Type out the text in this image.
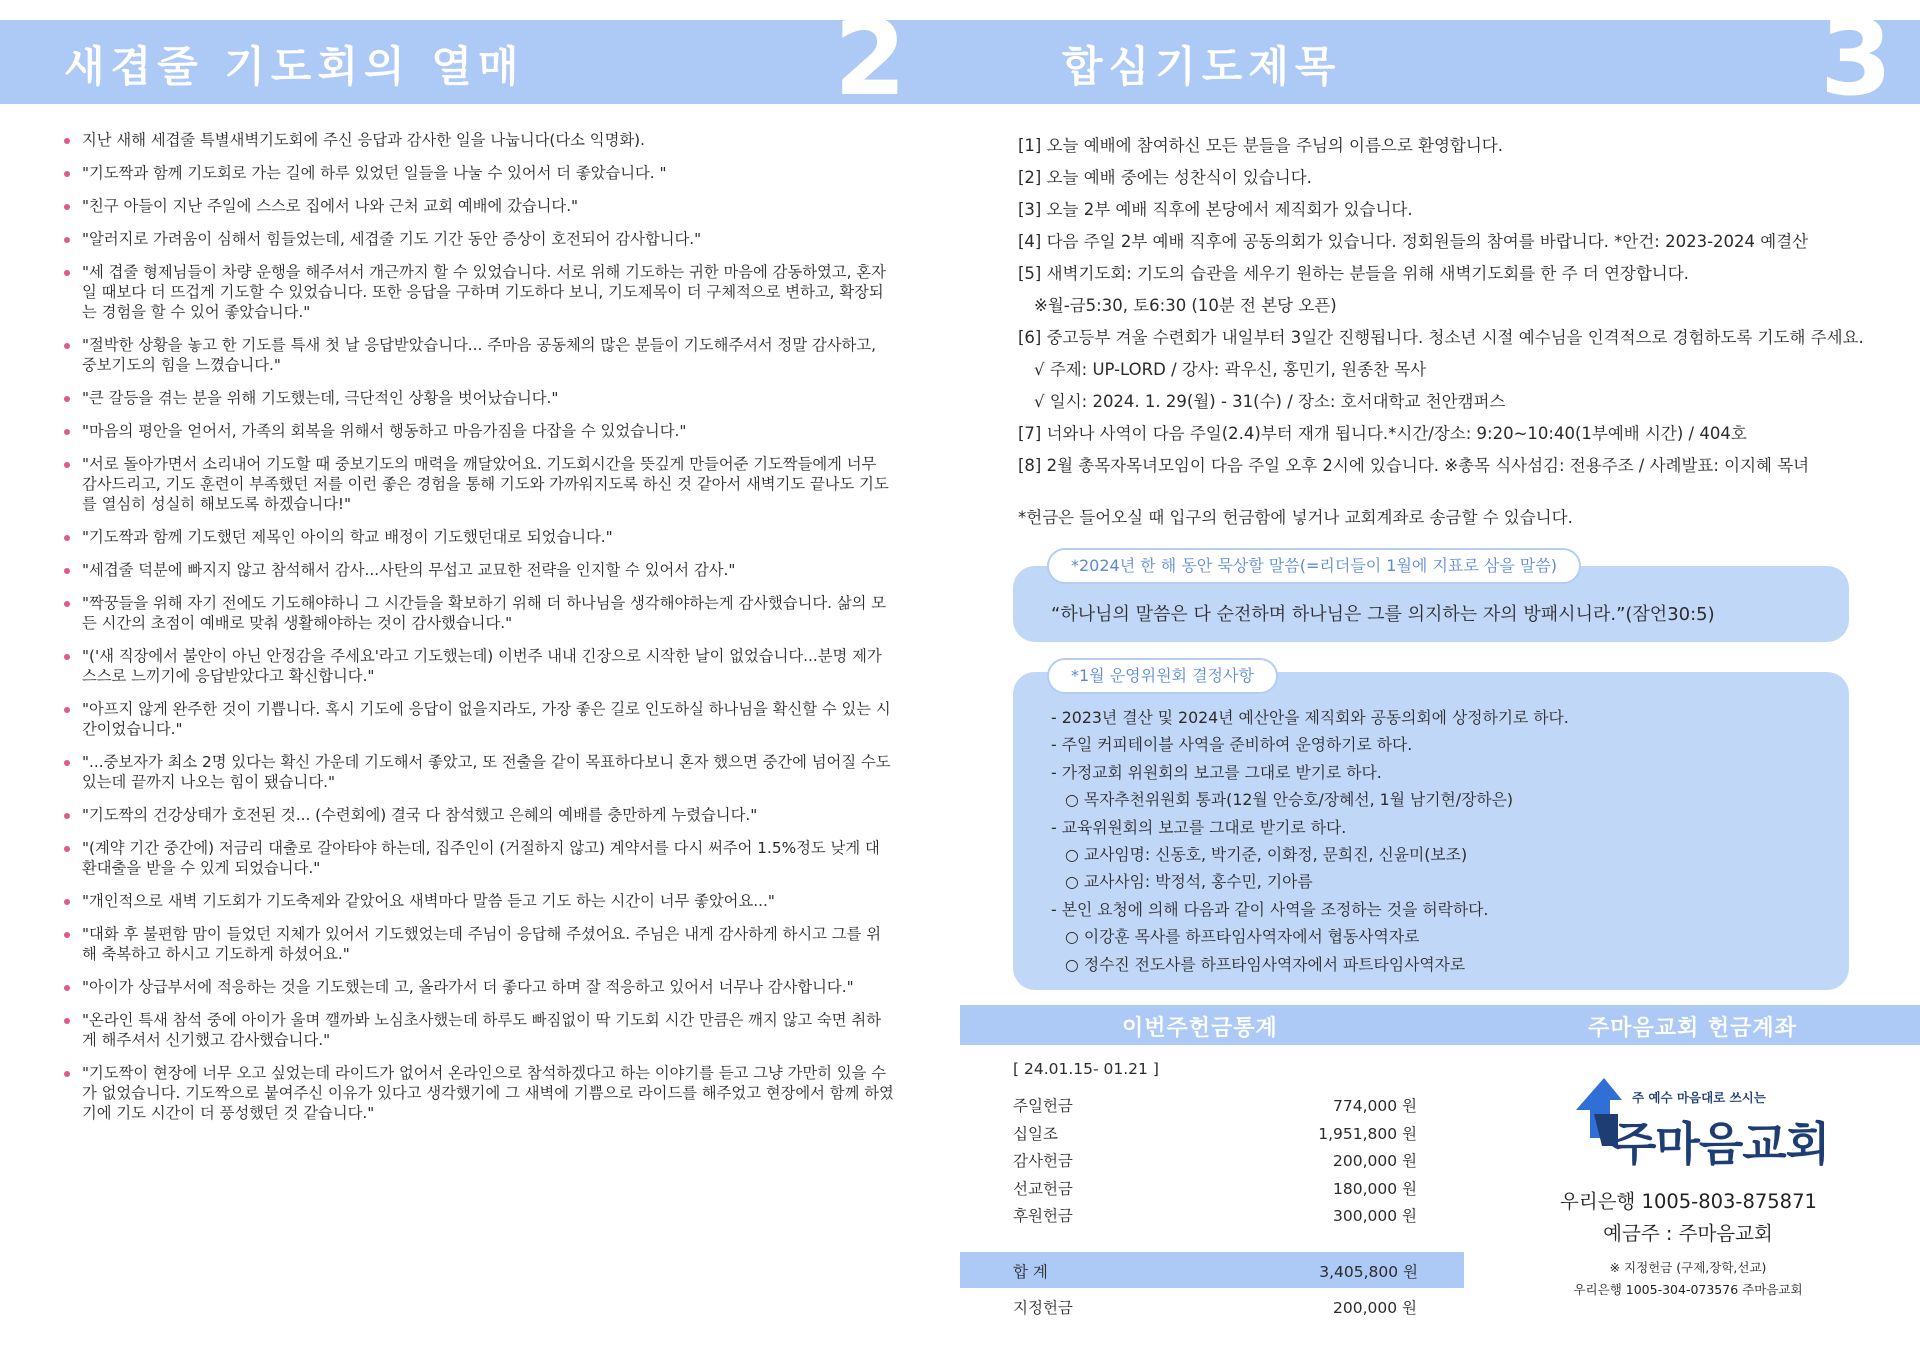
새겹줄 기도회의 열매	2	합심기도제목	3
지난 새해 세겹줄 특별새벽기도회에 주신 응답과 감사한 일을 나눕니다(다소 익명화).
"기도짝과 함께 기도회로 가는 길에 하루 있었던 일들을 나눌 수 있어서 더 좋았습니다. "
"친구 아들이 지난 주일에 스스로 집에서 나와 근처 교회 예배에 갔습니다."
"알러지로 가려움이 심해서 힘들었는데, 세겹줄 기도 기간 동안 증상이 호전되어 감사합니다."
"세 겹줄 형제님들이 차량 운행을 해주셔서 개근까지 할 수 있었습니다. 서로 위해 기도하는 귀한 마음에 감동하였고, 혼자일 때보다 더 뜨겁게 기도할 수 있었습니다. 또한 응답을 구하며 기도하다 보니, 기도제목이 더 구체적으로 변하고, 확장되는 경험을 할 수 있어 좋았습니다."
"절박한 상황을 놓고 한 기도를 특새 첫 날 응답받았습니다... 주마음 공동체의 많은 분들이 기도해주셔서 정말 감사하고, 중보기도의 힘을 느꼈습니다."
"큰 갈등을 겪는 분을 위해 기도했는데, 극단적인 상황을 벗어났습니다."
"마음의 평안을 얻어서, 가족의 회복을 위해서 행동하고 마음가짐을 다잡을 수 있었습니다."
"서로 돌아가면서 소리내어 기도할 때 중보기도의 매력을 깨달았어요. 기도회시간을 뜻깊게 만들어준 기도짝들에게 너무 감사드리고, 기도 훈련이 부족했던 저를 이런 좋은 경험을 통해 기도와 가까워지도록 하신 것 같아서 새벽기도 끝나도 기도를 열심히 성실히 해보도록 하겠습니다!"
"기도짝과 함께 기도했던 제목인 아이의 학교 배정이 기도했던대로 되었습니다."
"세겹줄 덕분에 빠지지 않고 참석해서 감사...사탄의 무섭고 교묘한 전략을 인지할 수 있어서 감사."
"짝꿍들을 위해 자기 전에도 기도해야하니 그 시간들을 확보하기 위해 더 하나님을 생각해야하는게 감사했습니다. 삶의 모든 시간의 초점이 예배로 맞춰 생활해야하는 것이 감사했습니다."
"('새 직장에서 불안이 아닌 안정감을 주세요'라고 기도했는데) 이번주 내내 긴장으로 시작한 날이 없었습니다...분명 제가 스스로 느끼기에 응답받았다고 확신합니다."
"아프지 않게 완주한 것이 기쁩니다. 혹시 기도에 응답이 없을지라도, 가장 좋은 길로 인도하실 하나님을 확신할 수 있는 시간이었습니다."
"...중보자가 최소 2명 있다는 확신 가운데 기도해서 좋았고, 또 전출을 같이 목표하다보니 혼자 했으면 중간에 넘어질 수도 있는데 끝까지 나오는 힘이 됐습니다."
"기도짝의 건강상태가 호전된 것... (수련회에) 결국 다 참석했고 은혜의 예배를 충만하게 누렸습니다."
"(계약 기간 중간에) 저금리 대출로 갈아타야 하는데, 집주인이 (거절하지 않고) 계약서를 다시 써주어 1.5%정도 낮게 대환대출을 받을 수 있게 되었습니다."
"개인적으로 새벽 기도회가 기도축제와 같았어요 새벽마다 말씀 듣고 기도 하는 시간이 너무 좋았어요..."
"대화 후 불편함 맘이 들었던 지체가 있어서 기도했었는데 주님이 응답해 주셨어요. 주님은 내게 감사하게 하시고 그를 위해 축복하고 하시고 기도하게 하셨어요."
"아이가 상급부서에 적응하는 것을 기도했는데 고, 올라가서 더 좋다고 하며 잘 적응하고 있어서 너무나 감사합니다."
"온라인 특새 참석 중에 아이가 울며 깰까봐 노심초사했는데 하루도 빠짐없이 딱 기도회 시간 만큼은 깨지 않고 숙면 취하게 해주셔서 신기했고 감사했습니다."
"기도짝이 현장에 너무 오고 싶었는데 라이드가 없어서 온라인으로 참석하겠다고 하는 이야기를 듣고 그냥 가만히 있을 수가 없었습니다. 기도짝으로 붙여주신 이유가 있다고 생각했기에 그 새벽에 기쁨으로 라이드를 해주었고 현장에서 함께 하였기에 기도 시간이 더 풍성했던 것 같습니다."
[1] 오늘 예배에 참여하신 모든 분들을 주님의 이름으로 환영합니다.
[2] 오늘 예배 중에는 성찬식이 있습니다.
[3] 오늘 2부 예배 직후에 본당에서 제직회가 있습니다.
[4] 다음 주일 2부 예배 직후에 공동의회가 있습니다. 정회원들의 참여를 바랍니다. *안건: 2023-2024 예결산
[5] 새벽기도회: 기도의 습관을 세우기 원하는 분들을 위해 새벽기도회를 한 주 더 연장합니다.
※월-금5:30, 토6:30 (10분 전 본당 오픈)
[6] 중고등부 겨울 수련회가 내일부터 3일간 진행됩니다. 청소년 시절 예수님을 인격적으로 경험하도록 기도해 주세요.
√ 주제: UP-LORD / 강사: 곽우신, 홍민기, 원종찬 목사
√ 일시: 2024. 1. 29(월) - 31(수) / 장소: 호서대학교 천안캠퍼스
[7] 너와나 사역이 다음 주일(2.4)부터 재개 됩니다.*시간/장소: 9:20~10:40(1부예배 시간) / 404호
[8] 2월 총목자목녀모임이 다음 주일 오후 2시에 있습니다. ※총목 식사섬김: 전용주조 / 사례발표: 이지혜 목녀
*헌금은 들어오실 때 입구의 헌금함에 넣거나 교회계좌로 송금할 수 있습니다.
“하나님의 말씀은 다 순전하며 하나님은 그를 의지하는 자의 방패시니라.”(잠언30:5)
*2024년 한 해 동안 묵상할 말씀(=리더들이 1월에 지표로 삼을 말씀)
- 2023년 결산 및 2024년 예산안을 제직회와 공동의회에 상정하기로 하다.
- 주일 커피테이블 사역을 준비하여 운영하기로 하다.
- 가정교회 위원회의 보고를 그대로 받기로 하다.
○ 목자추천위원회 통과(12월 안승호/장혜선, 1월 남기현/장하은)
- 교육위원회의 보고를 그대로 받기로 하다.
○ 교사임명: 신동호, 박기준, 이화정, 문희진, 신윤미(보조)
○ 교사사임: 박정석, 홍수민, 기아름
- 본인 요청에 의해 다음과 같이 사역을 조정하는 것을 허락하다.
○ 이강훈 목사를 하프타임사역자에서 협동사역자로
○ 정수진 전도사를 하프타임사역자에서 파트타임사역자로
*1월 운영위원회 결정사항
이번주헌금통계	주마음교회 헌금계좌
[ 24.01.15- 01.21 ]
주일헌금	774,000 원
십일조	1,951,800 원
감사헌금	200,000 원
선교헌금	180,000 원
후원헌금	300,000 원
합 계	3,405,800 원
지정헌금	200,000 원
주 예수 마음대로 쓰시는
주마음교회
우리은행 1005-803-875871
예금주 : 주마음교회
※ 지정헌금 (구제,장학,선교)
우리은행 1005-304-073576 주마음교회
